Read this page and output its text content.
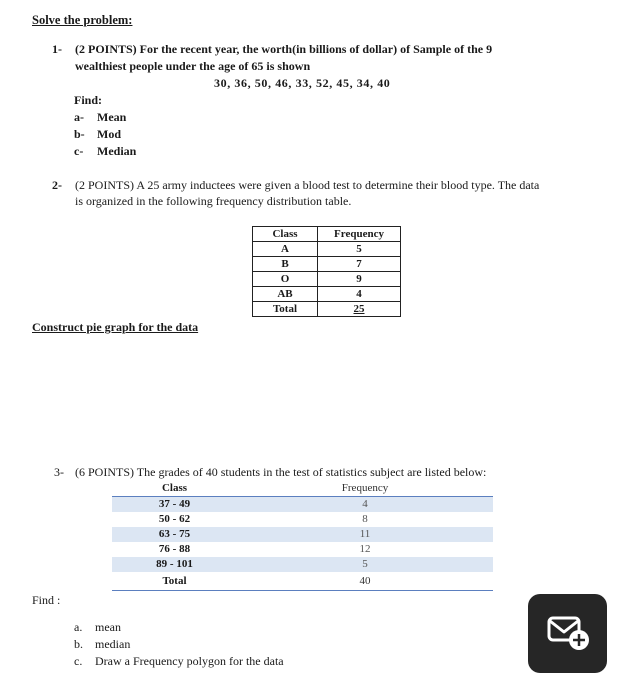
Solve the problem:
1- (2 POINTS) For the recent year, the worth(in billions of dollar) of Sample of the 9
wealthiest people under the age of 65 is shown
30, 36, 50, 46, 33, 52, 45, 34, 40
Find:
a- Mean
b- Mod
c- Median
2- (2 POINTS) A 25 army inductees were given a blood test to determine their blood type. The data
is organized in the following frequency distribution table.
Class	Frequency
A	5
B	7
O	9
AB	4
Total	25
Construct pie graph for the data
3- (6 POINTS) The grades of 40 students in the test of statistics subject are listed below:
Class	Frequency
37 - 49	4
50 - 62	8
63 - 75	11
76 - 88	12
89 - 101	5
Total	40
Find :
a. mean
b. median
c. Draw a Frequency polygon for the data
